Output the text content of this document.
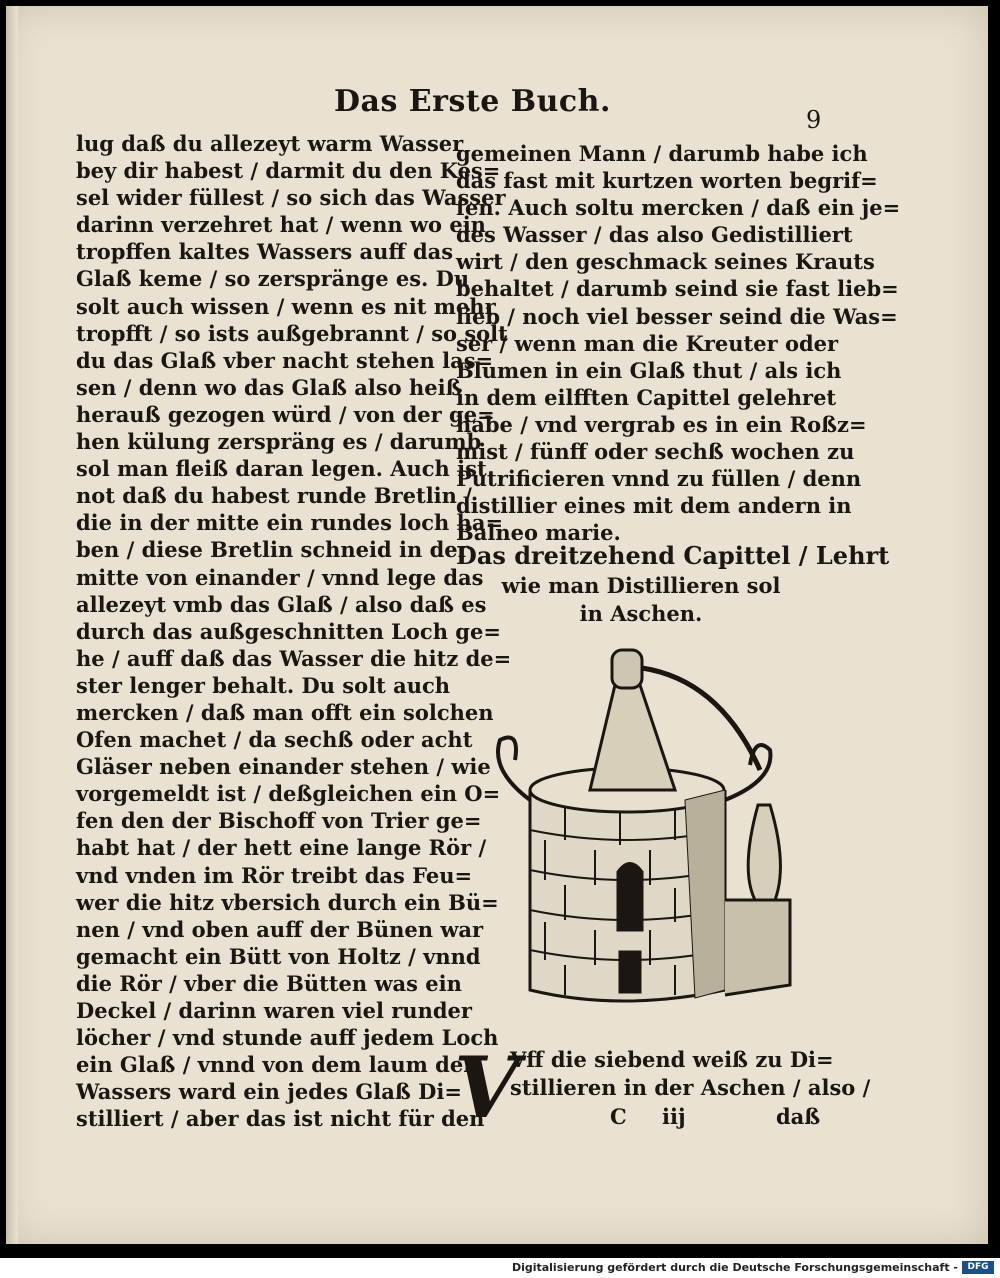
Das Erste Buch.
9
lug daß du allezeyt warm Wasser
bey dir habest / darmit du den Kes=
sel wider füllest / so sich das Wasser
darinn verzehret hat / wenn wo ein
tropffen kaltes Wassers auff das
Glaß keme / so zerspränge es. Du
solt auch wissen / wenn es nit mehr
tropfft / so ists außgebrannt / so solt
du das Glaß vber nacht stehen las=
sen / denn wo das Glaß also heiß
herauß gezogen würd / von der ge=
hen külung zerspräng es / darumb
sol man fleiß daran legen. Auch ist
not daß du habest runde Bretlin /
die in der mitte ein rundes loch ha=
ben / diese Bretlin schneid in der
mitte von einander / vnnd lege das
allezeyt vmb das Glaß / also daß es
durch das außgeschnitten Loch ge=
he / auff daß das Wasser die hitz de=
ster lenger behalt. Du solt auch
mercken / daß man offt ein solchen
Ofen machet / da sechß oder acht
Gläser neben einander stehen / wie
vorgemeldt ist / deßgleichen ein O=
fen den der Bischoff von Trier ge=
habt hat / der hett eine lange Rör /
vnd vnden im Rör treibt das Feu=
wer die hitz vbersich durch ein Bü=
nen / vnd oben auff der Bünen war
gemacht ein Bütt von Holtz / vnnd
die Rör / vber die Bütten was ein
Deckel / darinn waren viel runder
löcher / vnd stunde auff jedem Loch
ein Glaß / vnnd von dem laum deß
Wassers ward ein jedes Glaß Di=
stilliert / aber das ist nicht für den
gemeinen Mann / darumb habe ich
das fast mit kurtzen worten begrif=
fen. Auch soltu mercken / daß ein je=
des Wasser / das also Gedistilliert
wirt / den geschmack seines Krauts
behaltet / darumb seind sie fast lieb=
lieb / noch viel besser seind die Was=
ser / wenn man die Kreuter oder
Blumen in ein Glaß thut / als ich
in dem eilfften Capittel gelehret
habe / vnd vergrab es in ein Roßz=
mist / fünff oder sechß wochen zu
Putrificieren vnnd zu füllen / denn
distillier eines mit dem andern in
Balneo marie.
Das dreitzehend Capittel / Lehrt
wie man Distillieren sol
in Aschen.
V
Vff die siebend weiß zu Di=
stillieren in der Aschen / also /
C iij	daß
Digitalisierung gefördert durch die Deutsche Forschungsgemeinschaft -	DFG
